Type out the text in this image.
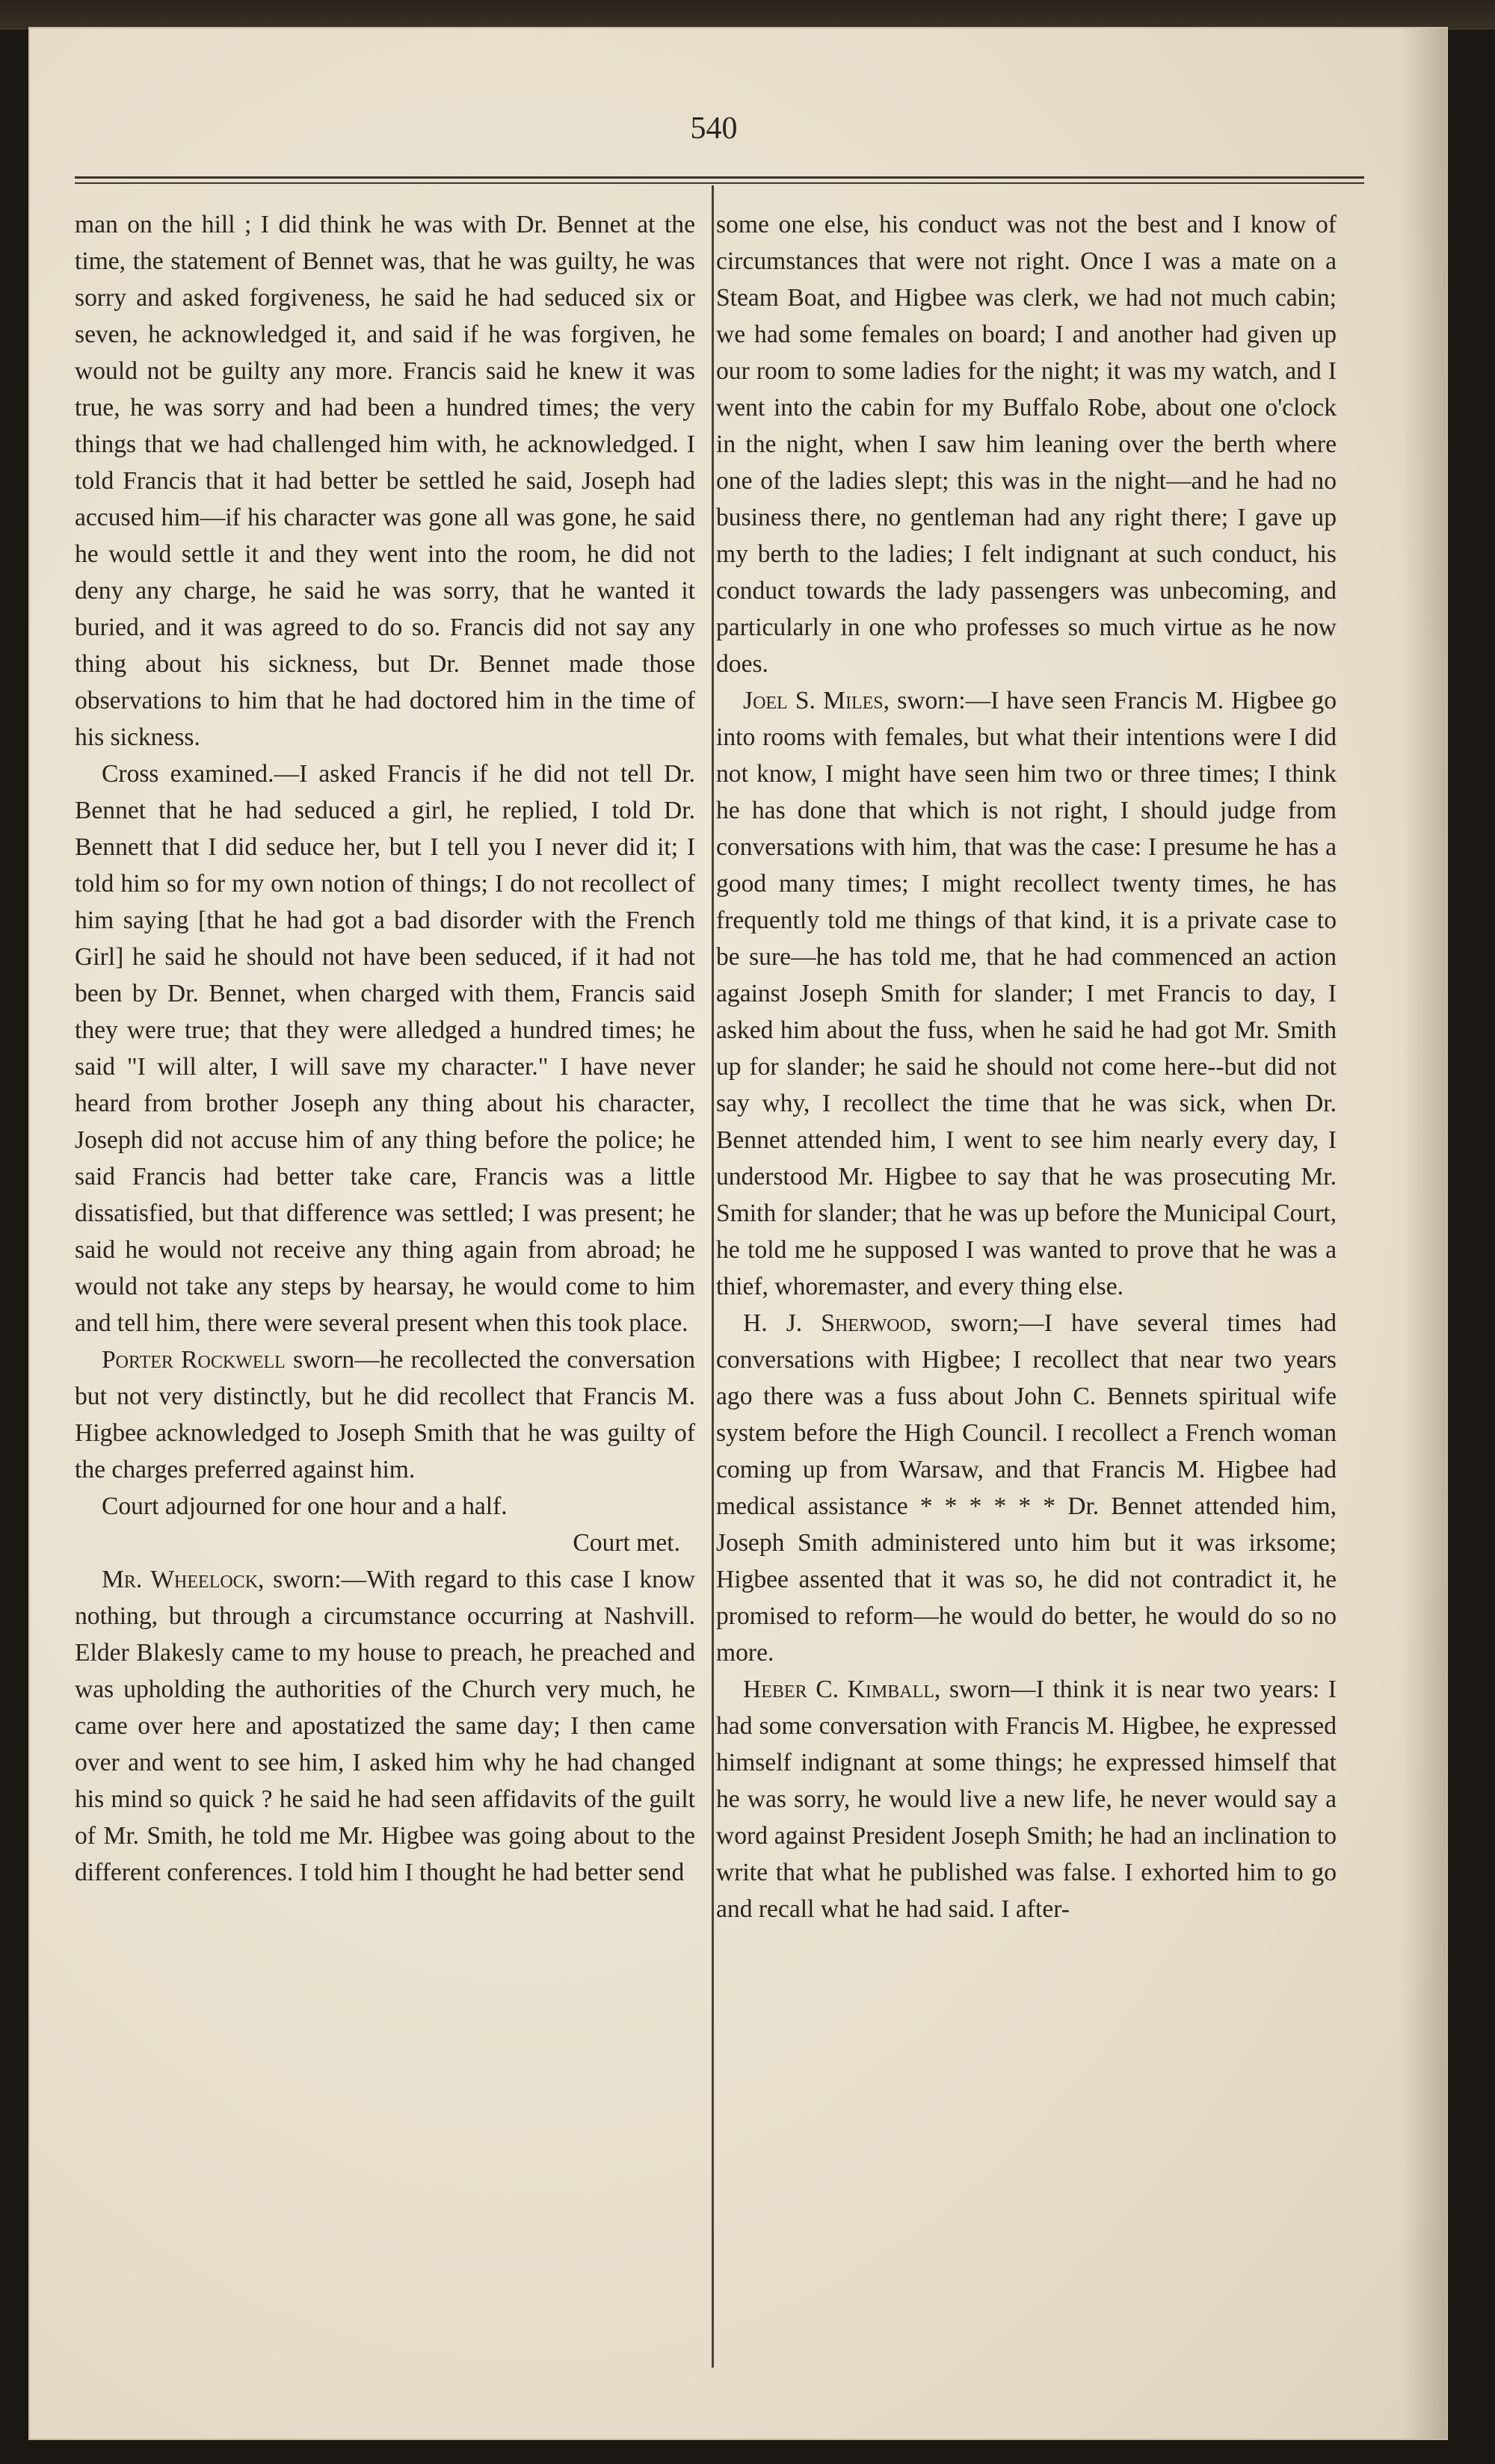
540

man on the hill ; I did think he was with Dr. Bennet at the time, the statement of Bennet was, that he was guilty, he was sorry and asked forgiveness, he said he had seduced six or seven, he acknowledged it, and said if he was forgiven, he would not be guilty any more. Francis said he knew it was true, he was sorry and had been a hundred times; the very things that we had challenged him with, he acknowledged. I told Francis that it had better be settled he said, Joseph had accused him—if his character was gone all was gone, he said he would settle it and they went into the room, he did not deny any charge, he said he was sorry, that he wanted it buried, and it was agreed to do so. Francis did not say any thing about his sickness, but Dr. Bennet made those observations to him that he had doctored him in the time of his sickness.

Cross examined.—I asked Francis if he did not tell Dr. Bennet that he had seduced a girl, he replied, I told Dr. Bennett that I did seduce her, but I tell you I never did it; I told him so for my own notion of things; I do not recollect of him saying [that he had got a bad disorder with the French Girl] he said he should not have been seduced, if it had not been by Dr. Bennet, when charged with them, Francis said they were true; that they were alledged a hundred times; he said "I will alter, I will save my character." I have never heard from brother Joseph any thing about his character, Joseph did not accuse him of any thing before the police; he said Francis had better take care, Francis was a little dissatisfied, but that difference was settled; I was present; he said he would not receive any thing again from abroad; he would not take any steps by hearsay, he would come to him and tell him, there were several present when this took place.

Porter Rockwell sworn—he recollected the conversation but not very distinctly, but he did recollect that Francis M. Higbee acknowledged to Joseph Smith that he was guilty of the charges preferred against him.

Court adjourned for one hour and a half.

Court met.

Mr. Wheelock, sworn:—With regard to this case I know nothing, but through a circumstance occurring at Nashvill. Elder Blakesly came to my house to preach, he preached and was upholding the authorities of the Church very much, he came over here and apostatized the same day; I then came over and went to see him, I asked him why he had changed his mind so quick ? he said he had seen affidavits of the guilt of Mr. Smith, he told me Mr. Higbee was going about to the different conferences. I told him I thought he had better send

some one else, his conduct was not the best and I know of circumstances that were not right. Once I was a mate on a Steam Boat, and Higbee was clerk, we had not much cabin; we had some females on board; I and another had given up our room to some ladies for the night; it was my watch, and I went into the cabin for my Buffalo Robe, about one o'clock in the night, when I saw him leaning over the berth where one of the ladies slept; this was in the night—and he had no business there, no gentleman had any right there; I gave up my berth to the ladies; I felt indignant at such conduct, his conduct towards the lady passengers was unbecoming, and particularly in one who professes so much virtue as he now does.

Joel S. Miles, sworn:—I have seen Francis M. Higbee go into rooms with females, but what their intentions were I did not know, I might have seen him two or three times; I think he has done that which is not right, I should judge from conversations with him, that was the case: I presume he has a good many times; I might recollect twenty times, he has frequently told me things of that kind, it is a private case to be sure—he has told me, that he had commenced an action against Joseph Smith for slander; I met Francis to day, I asked him about the fuss, when he said he had got Mr. Smith up for slander; he said he should not come here--but did not say why, I recollect the time that he was sick, when Dr. Bennet attended him, I went to see him nearly every day, I understood Mr. Higbee to say that he was prosecuting Mr. Smith for slander; that he was up before the Municipal Court, he told me he supposed I was wanted to prove that he was a thief, whoremaster, and every thing else.

H. J. Sherwood, sworn;—I have several times had conversations with Higbee; I recollect that near two years ago there was a fuss about John C. Bennets spiritual wife system before the High Council. I recollect a French woman coming up from Warsaw, and that Francis M. Higbee had medical assistance * * * * * * Dr. Bennet attended him, Joseph Smith administered unto him but it was irksome; Higbee assented that it was so, he did not contradict it, he promised to reform—he would do better, he would do so no more.

Heber C. Kimball, sworn—I think it is near two years: I had some conversation with Francis M. Higbee, he expressed himself indignant at some things; he expressed himself that he was sorry, he would live a new life, he never would say a word against President Joseph Smith; he had an inclination to write that what he published was false. I exhorted him to go and recall what he had said. I after-
